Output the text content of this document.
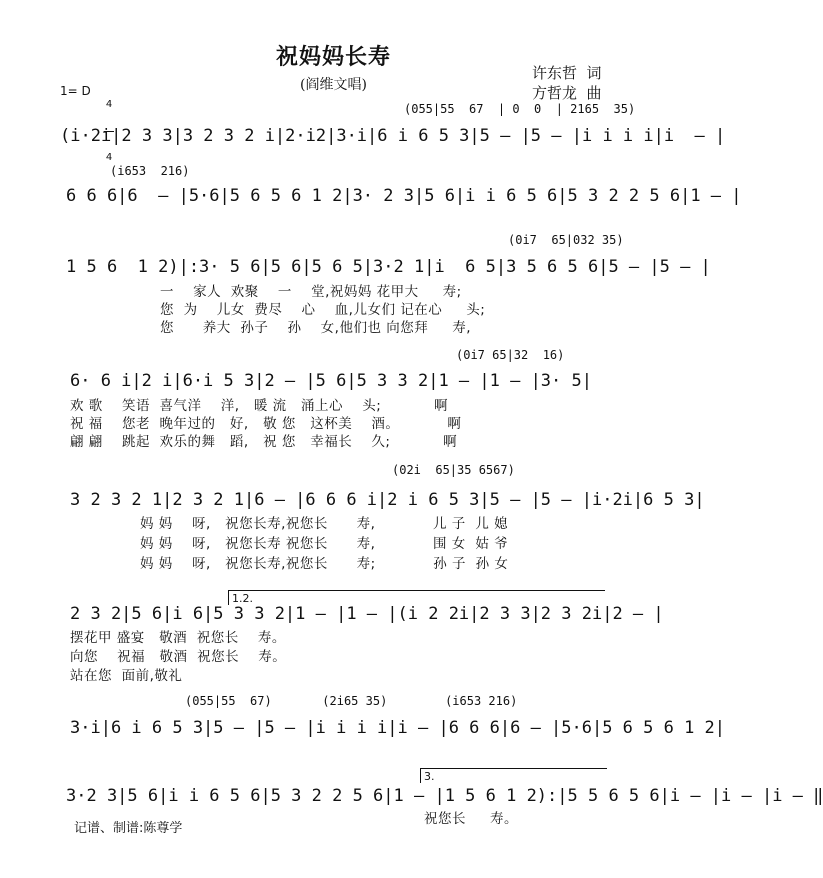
祝妈妈长寿
(阎维文唱)
许东哲  词
方哲龙  曲
1= D

4

4

(055|55  67  | 0  0  | 2165  35)
(i·2i|2 3 3|3 2 3 2 i|2·i2|3·i|6 i 6 5 3|5 — |5 — |i i i i|i  — |
(i653  216)
6 6 6|6  — |5·6|5 6 5 6 1 2|3· 2 3|5 6|i i 6 5 6|5 3 2 2 5 6|1 — |
(0i7  65|032 35)
1 5 6  1 2)|:3· 5 6|5 6|5 6 5|3·2 1|i  6 5|3 5 6 5 6|5 — |5 — |
一    家人  欢聚    一    堂,祝妈妈 花甲大     寿;
您  为    儿女  费尽    心    血,儿女们 记在心     头;
您      养大  孙子    孙    女,他们也 向您拜     寿,
(0i7 65|32  16)
6· 6 i|2 i|6·i 5 3|2 — |5 6|5 3 3 2|1 — |1 — |3· 5|
欢 歌    笑语  喜气洋    洋,   暖 流   涌上心    头;           啊
祝 福    您老  晚年过的   好,   敬 您   这杯美    酒。          啊
翩 翩    跳起  欢乐的舞   蹈,   祝 您   幸福长    久;           啊
(02i  65|35 6567)
3 2 3 2 1|2 3 2 1|6 — |6 6 6 i|2 i 6 5 3|5 — |5 — |i·2i|6 5 3|
妈 妈    呀,   祝您长寿,祝您长      寿,            儿 子  儿 媳
妈 妈    呀,   祝您长寿 祝您长      寿,            围 女  姑 爷
妈 妈    呀,   祝您长寿,祝您长      寿;            孙 子  孙 女
1.2.
2 3 2|5 6|i 6|5 3 3 2|1 — |1 — |(i 2 2i|2 3 3|2 3 2i|2 — |
摆花甲 盛宴   敬酒  祝您长    寿。
向您    祝福   敬酒  祝您长    寿。
站在您  面前,敬礼
(055|55  67)       (2i65 35)        (i653 216)
3·i|6 i 6 5 3|5 — |5 — |i i i i|i — |6 6 6|6 — |5·6|5 6 5 6 1 2|
3.
3·2 3|5 6|i i 6 5 6|5 3 2 2 5 6|1 — |1 5 6 1 2):|5 5 6 5 6|i — |i — |i — ‖
祝您长     寿。
记谱、制谱:陈尊学
